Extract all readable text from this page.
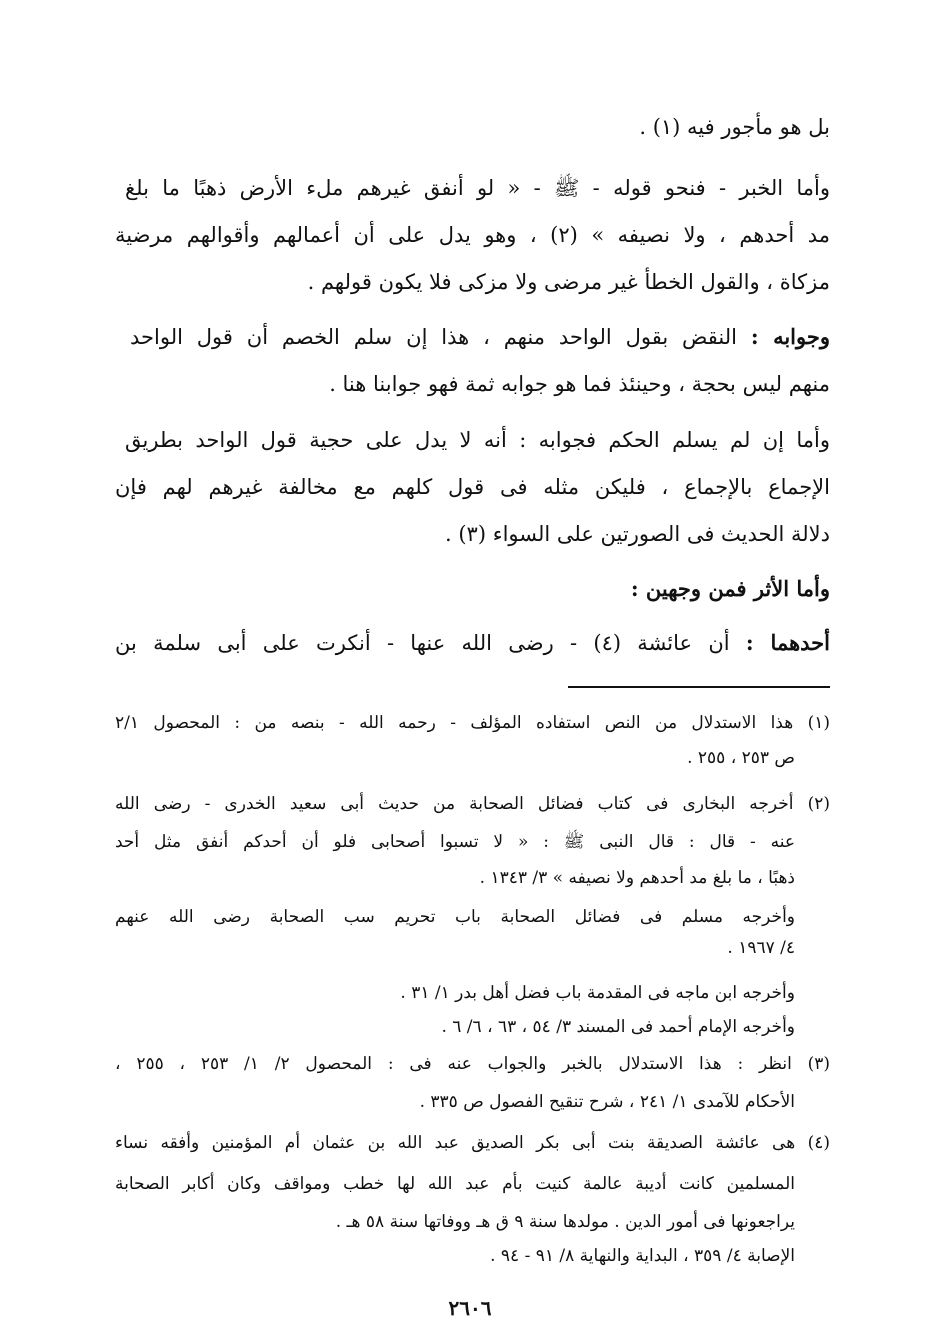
بل هو مأجور فيه (١) .
وأما الخبر - فنحو قوله - ﷺ - « لو أنفق غيرهم ملء الأرض ذهبًا ما بلغ
مد أحدهم ، ولا نصيفه » (٢) ، وهو يدل على أن أعمالهم وأقوالهم مرضية
مزكاة ، والقول الخطأ غير مرضى ولا مزكى فلا يكون قولهم .
وجوابه : النقض بقول الواحد منهم ، هذا إن سلم الخصم أن قول الواحد
منهم ليس بحجة ، وحينئذ فما هو جوابه ثمة فهو جوابنا هنا .
وأما إن لم يسلم الحكم فجوابه : أنه لا يدل على حجية قول الواحد بطريق
الإجماع بالإجماع ، فليكن مثله فى قول كلهم مع مخالفة غيرهم لهم فإن
دلالة الحديث فى الصورتين على السواء (٣) .
وأما الأثر فمن وجهين :
أحدهما : أن عائشة (٤) - رضى الله عنها - أنكرت على أبى سلمة بن
(١) هذا الاستدلال من النص استفاده المؤلف - رحمه الله - بنصه من : المحصول ٢/١
ص ٢٥٣ ، ٢٥٥ .
(٢) أخرجه البخارى فى كتاب فضائل الصحابة من حديث أبى سعيد الخدرى - رضى الله
عنه - قال : قال النبى ﷺ : « لا تسبوا أصحابى فلو أن أحدكم أنفق مثل أحد
ذهبًا ، ما بلغ مد أحدهم ولا نصيفه » ٣/ ١٣٤٣ .
وأخرجه مسلم فى فضائل الصحابة باب تحريم سب الصحابة رضى الله عنهم
٤/ ١٩٦٧ .
وأخرجه ابن ماجه فى المقدمة باب فضل أهل بدر ١/ ٣١ .
وأخرجه الإمام أحمد فى المسند ٣/ ٥٤ ، ٦٣ ، ٦/ ٦ .
(٣) انظر : هذا الاستدلال بالخبر والجواب عنه فى : المحصول ٢/ ١/ ٢٥٣ ، ٢٥٥ ،
الأحكام للآمدى ١/ ٢٤١ ، شرح تنقيح الفصول ص ٣٣٥ .
(٤) هى عائشة الصديقة بنت أبى بكر الصديق عبد الله بن عثمان أم المؤمنين وأفقه نساء
المسلمين كانت أديبة عالمة كنيت بأم عبد الله لها خطب ومواقف وكان أكابر الصحابة
يراجعونها فى أمور الدين . مولدها سنة ٩ ق هـ ووفاتها سنة ٥٨ هـ .
الإصابة ٤/ ٣٥٩ ، البداية والنهاية ٨/ ٩١ - ٩٤ .
٢٦٠٦
